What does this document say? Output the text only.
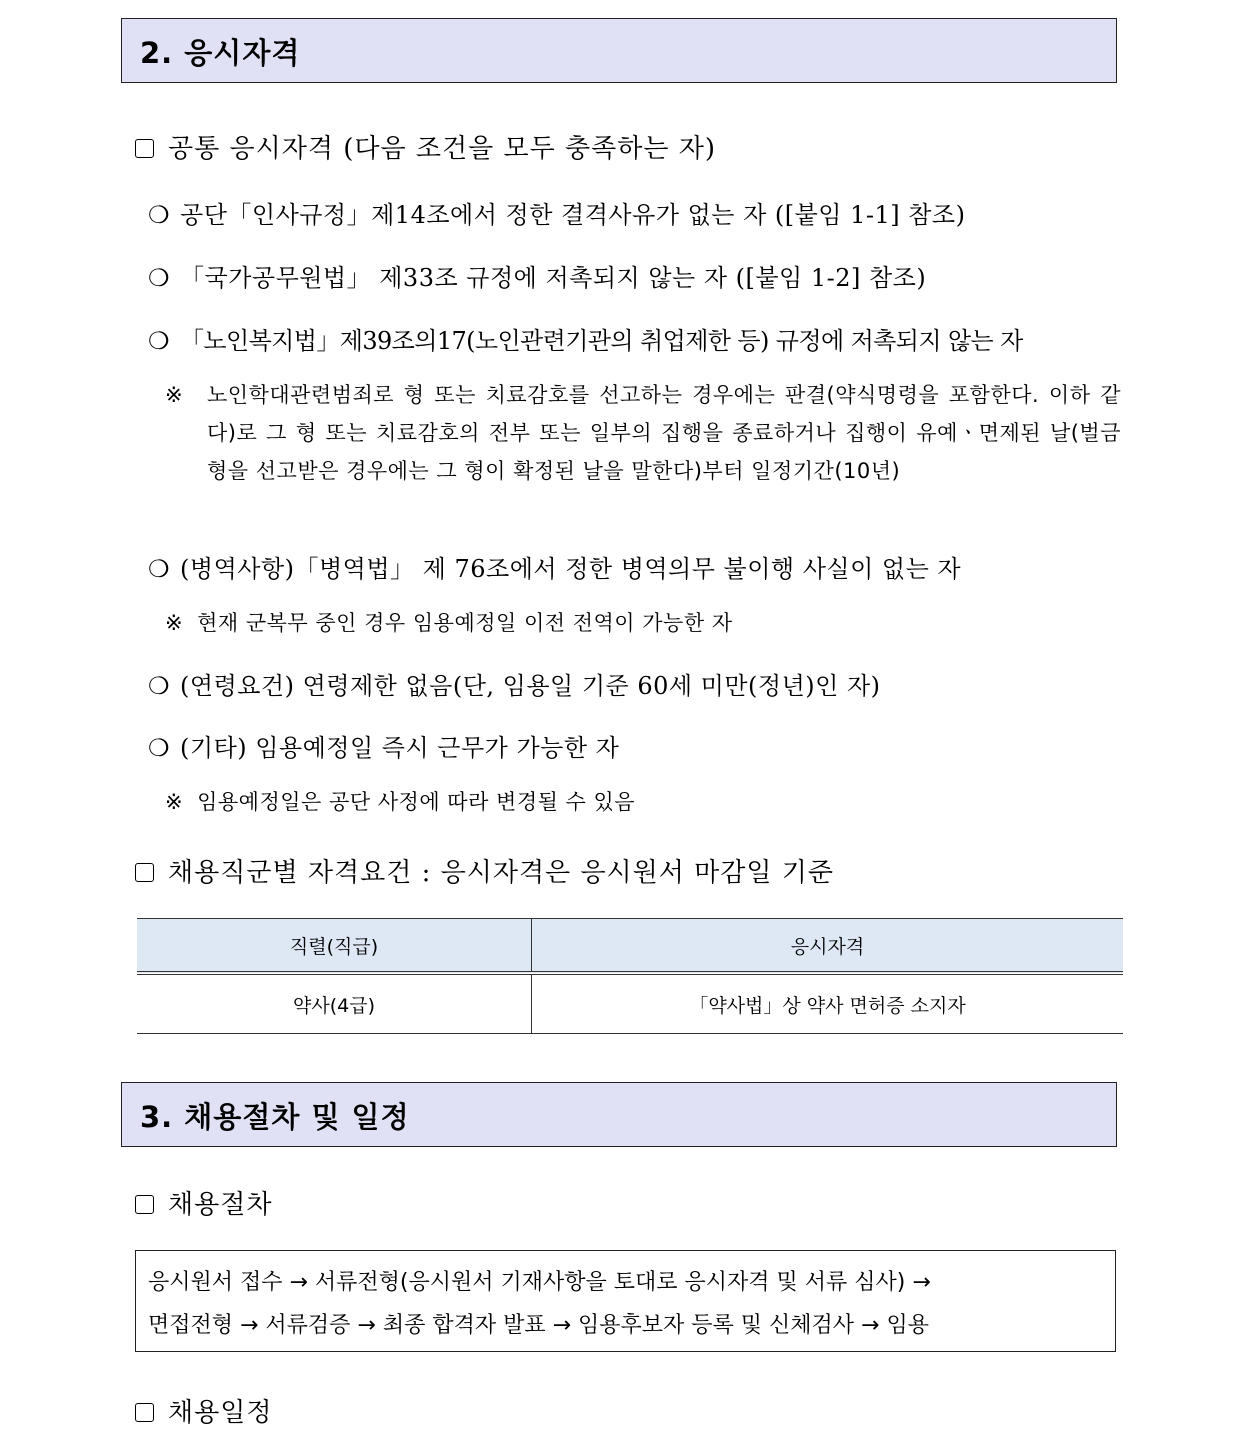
2. 응시자격
공통 응시자격 (다음 조건을 모두 충족하는 자)
❍ 공단「인사규정」제14조에서 정한 결격사유가 없는 자 ([붙임 1-1] 참조)
❍ 「국가공무원법」 제33조 규정에 저촉되지 않는 자 ([붙임 1-2] 참조)
❍ 「노인복지법」제39조의17(노인관련기관의 취업제한 등) 규정에 저촉되지 않는 자
※ 노인학대관련범죄로 형 또는 치료감호를 선고하는 경우에는 판결(약식명령을 포함한다. 이하 같다)로 그 형 또는 치료감호의 전부 또는 일부의 집행을 종료하거나 집행이 유예ㆍ면제된 날(벌금형을 선고받은 경우에는 그 형이 확정된 날을 말한다)부터 일정기간(10년)
❍ (병역사항)「병역법」 제 76조에서 정한 병역의무 불이행 사실이 없는 자
※ 현재 군복무 중인 경우 임용예정일 이전 전역이 가능한 자
❍ (연령요건) 연령제한 없음(단, 임용일 기준 60세 미만(정년)인 자)
❍ (기타) 임용예정일 즉시 근무가 가능한 자
※ 임용예정일은 공단 사정에 따라 변경될 수 있음
채용직군별 자격요건 : 응시자격은 응시원서 마감일 기준
직렬(직급)	응시자격
약사(4급)	「약사법」상 약사 면허증 소지자
3. 채용절차 및 일정
채용절차
응시원서 접수 → 서류전형(응시원서 기재사항을 토대로 응시자격 및 서류 심사) →
면접전형 → 서류검증 → 최종 합격자 발표 → 임용후보자 등록 및 신체검사 → 임용
채용일정
